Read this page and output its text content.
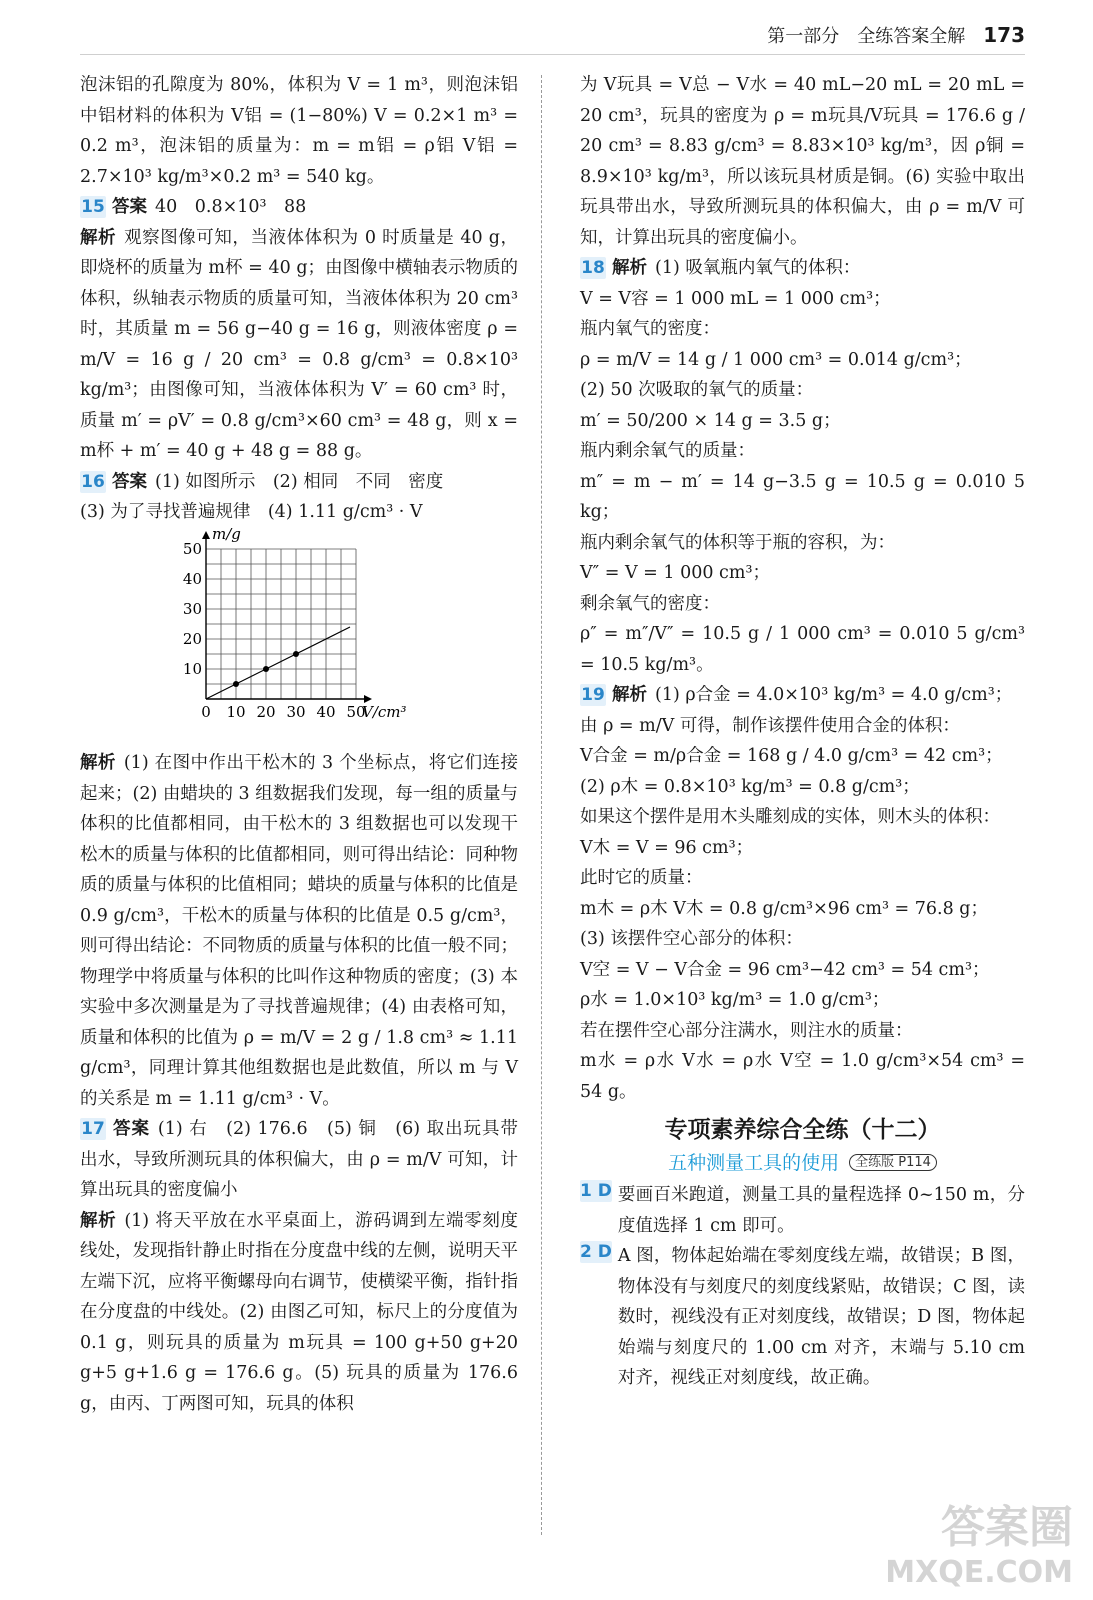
第一部分 全练答案全解 173

泡沫铝的孔隙度为 80%，体积为 V = 1 m³，则泡沫铝中铝材料的体积为 V铝 = (1−80%) V = 0.2×1 m³ = 0.2 m³，泡沫铝的质量为：m = m铝 = ρ铝 V铝 = 2.7×10³ kg/m³×0.2 m³ = 540 kg。

15 答案 40　0.8×10³　88

解析 观察图像可知，当液体体积为 0 时质量是 40 g，即烧杯的质量为 m杯 = 40 g；由图像中横轴表示物质的体积，纵轴表示物质的质量可知，当液体体积为 20 cm³ 时，其质量 m = 56 g−40 g = 16 g，则液体密度 ρ = m/V = 16 g / 20 cm³ = 0.8 g/cm³ = 0.8×10³ kg/m³；由图像可知，当液体体积为 V′ = 60 cm³ 时，质量 m′ = ρV′ = 0.8 g/cm³×60 cm³ = 48 g，则 x = m杯 + m′ = 40 g + 48 g = 88 g。

16 答案 (1) 如图所示　(2) 相同　不同　密度

(3) 为了寻找普遍规律　(4) 1.11 g/cm³ · V

0 10 20 30 40 50
10
20
30
40
50
V/cm³
m/g

解析 (1) 在图中作出干松木的 3 个坐标点，将它们连接起来；(2) 由蜡块的 3 组数据我们发现，每一组的质量与体积的比值都相同，由干松木的 3 组数据也可以发现干松木的质量与体积的比值都相同，则可得出结论：同种物质的质量与体积的比值相同；蜡块的质量与体积的比值是 0.9 g/cm³，干松木的质量与体积的比值是 0.5 g/cm³，则可得出结论：不同物质的质量与体积的比值一般不同；物理学中将质量与体积的比叫作这种物质的密度；(3) 本实验中多次测量是为了寻找普遍规律；(4) 由表格可知，质量和体积的比值为 ρ = m/V = 2 g / 1.8 cm³ ≈ 1.11 g/cm³，同理计算其他组数据也是此数值，所以 m 与 V 的关系是 m = 1.11 g/cm³ · V。

17 答案 (1) 右　(2) 176.6　(5) 铜　(6) 取出玩具带出水，导致所测玩具的体积偏大，由 ρ = m/V 可知，计算出玩具的密度偏小

解析 (1) 将天平放在水平桌面上，游码调到左端零刻度线处，发现指针静止时指在分度盘中线的左侧，说明天平左端下沉，应将平衡螺母向右调节，使横梁平衡，指针指在分度盘的中线处。(2) 由图乙可知，标尺上的分度值为 0.1 g，则玩具的质量为 m玩具 = 100 g+50 g+20 g+5 g+1.6 g = 176.6 g。(5) 玩具的质量为 176.6 g，由丙、丁两图可知，玩具的体积

为 V玩具 = V总 − V水 = 40 mL−20 mL = 20 mL = 20 cm³，玩具的密度为 ρ = m玩具/V玩具 = 176.6 g / 20 cm³ = 8.83 g/cm³ = 8.83×10³ kg/m³，因 ρ铜 = 8.9×10³ kg/m³，所以该玩具材质是铜。(6) 实验中取出玩具带出水，导致所测玩具的体积偏大，由 ρ = m/V 可知，计算出玩具的密度偏小。

18 解析 (1) 吸氧瓶内氧气的体积：

V = V容 = 1 000 mL = 1 000 cm³；

瓶内氧气的密度：

ρ = m/V = 14 g / 1 000 cm³ = 0.014 g/cm³；

(2) 50 次吸取的氧气的质量：

m′ = 50/200 × 14 g = 3.5 g；

瓶内剩余氧气的质量：

m″ = m − m′ = 14 g−3.5 g = 10.5 g = 0.010 5 kg；

瓶内剩余氧气的体积等于瓶的容积，为：

V″ = V = 1 000 cm³；

剩余氧气的密度：

ρ″ = m″/V″ = 10.5 g / 1 000 cm³ = 0.010 5 g/cm³ = 10.5 kg/m³。

19 解析 (1) ρ合金 = 4.0×10³ kg/m³ = 4.0 g/cm³；

由 ρ = m/V 可得，制作该摆件使用合金的体积：

V合金 = m/ρ合金 = 168 g / 4.0 g/cm³ = 42 cm³；

(2) ρ木 = 0.8×10³ kg/m³ = 0.8 g/cm³；

如果这个摆件是用木头雕刻成的实体，则木头的体积：

V木 = V = 96 cm³；

此时它的质量：

m木 = ρ木 V木 = 0.8 g/cm³×96 cm³ = 76.8 g；

(3) 该摆件空心部分的体积：

V空 = V − V合金 = 96 cm³−42 cm³ = 54 cm³；

ρ水 = 1.0×10³ kg/m³ = 1.0 g/cm³；

若在摆件空心部分注满水，则注水的质量：

m水 = ρ水 V水 = ρ水 V空 = 1.0 g/cm³×54 cm³ = 54 g。

专项素养综合全练（十二）
五种测量工具的使用 全练版 P114
1 D 要画百米跑道，测量工具的量程选择 0~150 m，分度值选择 1 cm 即可。
2 D A 图，物体起始端在零刻度线左端，故错误；B 图，物体没有与刻度尺的刻度线紧贴，故错误；C 图，读数时，视线没有正对刻度线，故错误；D 图，物体起始端与刻度尺的 1.00 cm 对齐，末端与 5.10 cm 对齐，视线正对刻度线，故正确。
答案圈
MXQE.COM
